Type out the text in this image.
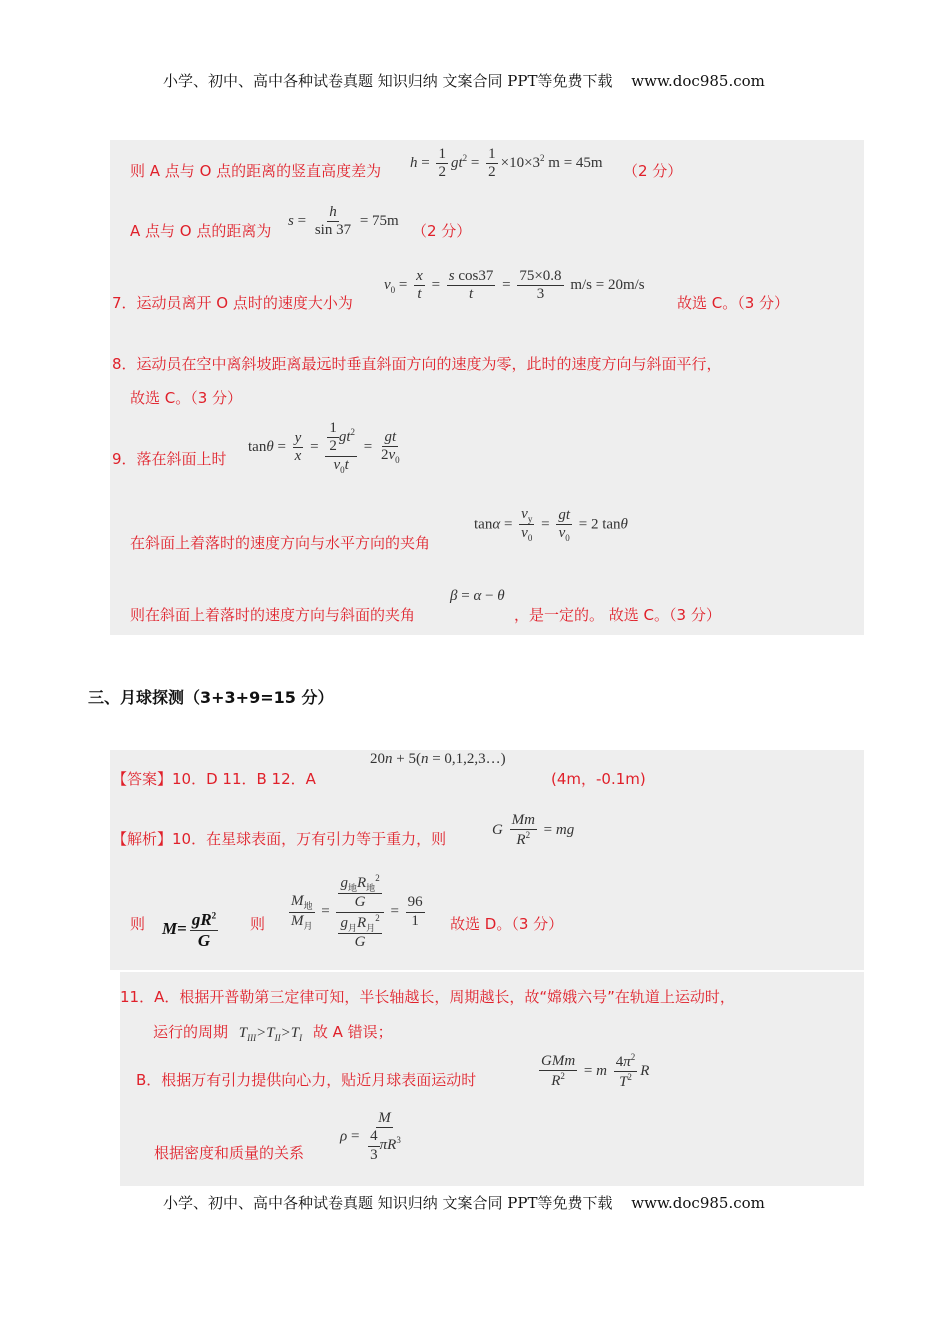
小学、初中、高中各种试卷真题 知识归纳 文案合同 PPT等免费下载 www.doc985.com
则 A 点与 O 点的距离的竖直高度差为 $h = \frac{1}{2} gt^2 = \frac{1}{2} \times 10\times 3^2$ m = 45m （2 分）
A 点与 O 点的距离为
$s = \frac{h}{\sin 37} = 75m$
（2 分）
7．运动员离开 O 点时的速度大小为
$v_0 = \frac{x}{t} = \frac{\text{s cos37}}{t} = \frac{75\times 0.8}{3} m/s = 20m/s$
故选 C。（3 分）
8．运动员在空中离斜坡距离最远时垂直斜面方向的速度为零，此时的速度方向与斜面平行，
故选 C。（3 分）
9．落在斜面上时
$\tan\theta = \frac{y}{x} = \frac{\frac{1}{2} gt^2}{v_0t} = \frac{gt}{2v_0}$
在斜面上着落时的速度方向与水平方向的夹角
$\tan\alpha = \frac{v_y}{v_0} = \frac{gt}{v_0} = 2$ tanθ
则在斜面上着落时的速度方向与斜面的夹角
β = α − θ
，是一定的。 故选 C。（3 分）
三、月球探测（3+3+9=15 分）
【答案】10．D 11．B 12．A
20n + 5(n = 0,1,2,3…)
(4m，-0.1m)
【解析】10．在星球表面，万有引力等于重力，则	G $\frac{Mm}{R^2}$ = mg
则 $M= \frac{gR^2}{G}$ 则 $\frac{M_地}{M_月} = \frac{\frac{g_地R_地^2}{G}}{\frac{g_月R_月^2}{G}} = \frac{96}{1}$ 故选 D。（3 分）
11．A．根据开普勒第三定律可知，半长轴越长，周期越长，故“嫦娥六号”在轨道上运动时，
运行的周期 $T_{III}>T_{II}>T_I$ 故 A 错误；
B．根据万有引力提供向心力，贴近月球表面运动时	$\frac{\text{GMm}}{R^2} = m \frac{4\pi^2}{T^2}$ R
根据密度和质量的关系
$\rho = \frac{M}{\frac{4}{3} \pi R^3}$
小学、初中、高中各种试卷真题 知识归纳 文案合同 PPT等免费下载 www.doc985.com
